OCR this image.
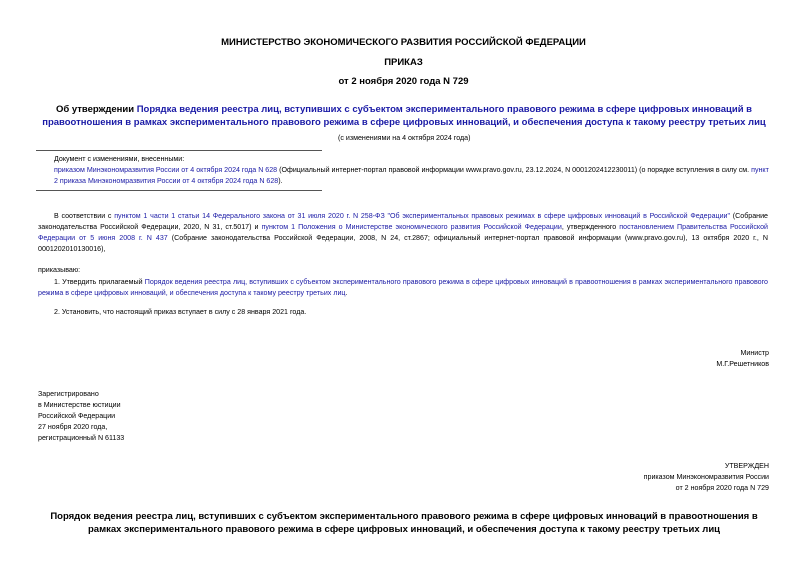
МИНИСТЕРСТВО ЭКОНОМИЧЕСКОГО РАЗВИТИЯ РОССИЙСКОЙ ФЕДЕРАЦИИ
ПРИКАЗ
от 2 ноября 2020 года N 729
Об утверждении Порядка ведения реестра лиц, вступивших с субъектом экспериментального правового режима в сфере цифровых инноваций в правоотношения в рамках экспериментального правового режима в сфере цифровых инноваций, и обеспечения доступа к такому реестру третьих лиц
(с изменениями на 4 октября 2024 года)
Документ с изменениями, внесенными:
приказом Минэкономразвития России от 4 октября 2024 года N 628 (Официальный интернет-портал правовой информации www.pravo.gov.ru, 23.12.2024, N 0001202412230011) (о порядке вступления в силу см. пункт 2 приказа Минэкономразвития России от 4 октября 2024 года N 628).
В соответствии с пунктом 1 части 1 статьи 14 Федерального закона от 31 июля 2020 г. N 258-ФЗ "Об экспериментальных правовых режимах в сфере цифровых инноваций в Российской Федерации" (Собрание законодательства Российской Федерации, 2020, N 31, ст.5017) и пунктом 1 Положения о Министерстве экономического развития Российской Федерации, утвержденного постановлением Правительства Российской Федерации от 5 июня 2008 г. N 437 (Собрание законодательства Российской Федерации, 2008, N 24, ст.2867; официальный интернет-портал правовой информации (www.pravo.gov.ru), 13 октября 2020 г., N 0001202010130016),
приказываю:
1. Утвердить прилагаемый Порядок ведения реестра лиц, вступивших с субъектом экспериментального правового режима в сфере цифровых инноваций в правоотношения в рамках экспериментального правового режима в сфере цифровых инноваций, и обеспечения доступа к такому реестру третьих лиц.
2. Установить, что настоящий приказ вступает в силу с 28 января 2021 года.
Министр
М.Г.Решетников
Зарегистрировано
в Министерстве юстиции
Российской Федерации
27 ноября 2020 года,
регистрационный N 61133
УТВЕРЖДЕН
приказом Минэкономразвития России
от 2 ноября 2020 года N 729
Порядок ведения реестра лиц, вступивших с субъектом экспериментального правового режима в сфере цифровых инноваций в правоотношения в рамках экспериментального правового режима в сфере цифровых инноваций, и обеспечения доступа к такому реестру третьих лиц
